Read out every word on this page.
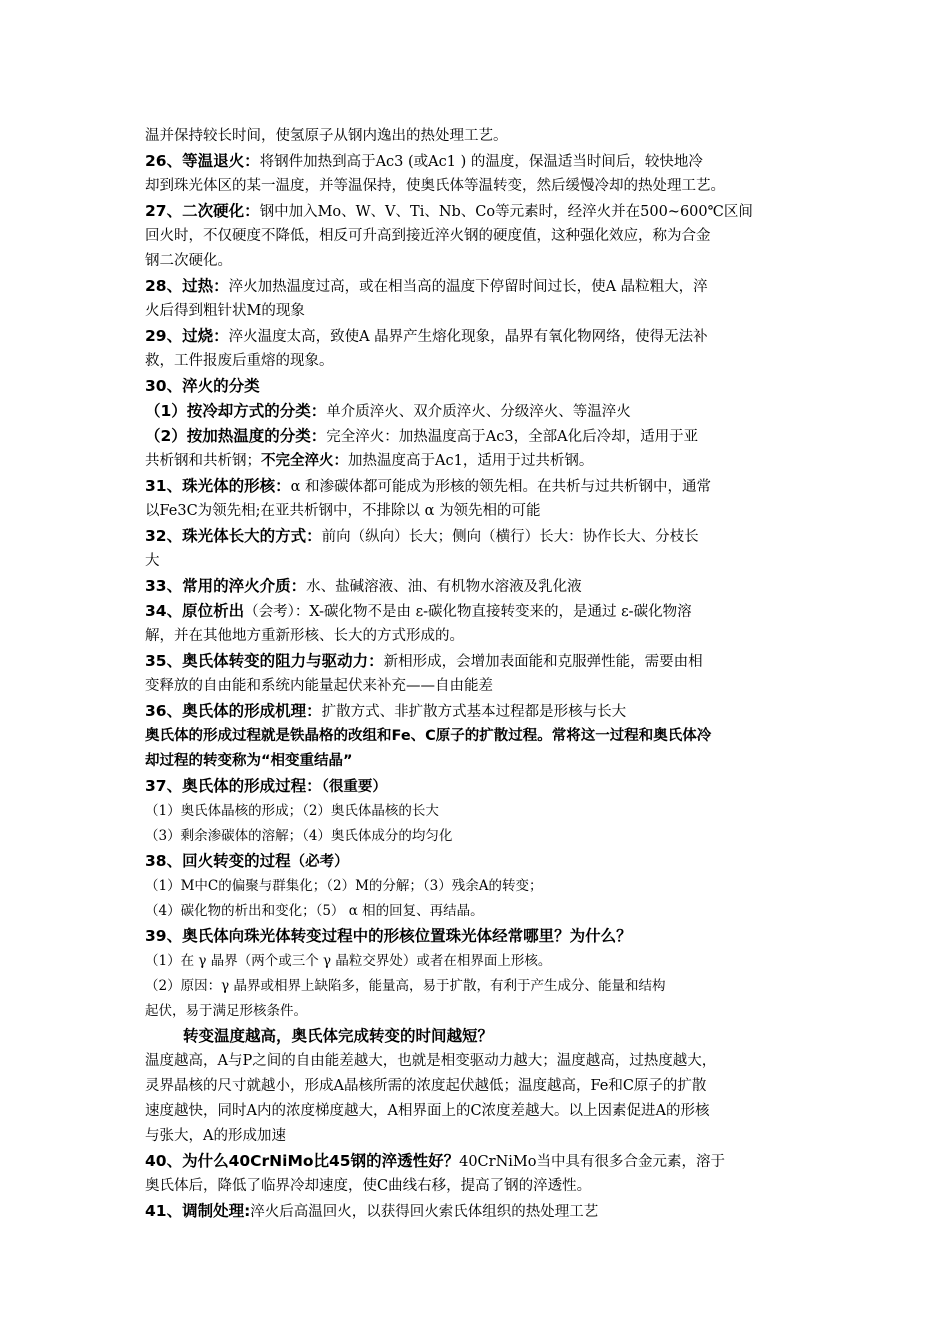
温并保持较长时间，使氢原子从钢内逸出的热处理工艺。
26、等温退火：将钢件加热到高于Ac3 (或Ac1 ) 的温度，保温适当时间后，较快地冷
却到珠光体区的某一温度，并等温保持，使奥氏体等温转变，然后缓慢冷却的热处理工艺。
27、二次硬化：钢中加入Mo、W、V、Ti、Nb、Co等元素时，经淬火并在500~600℃区间
回火时，不仅硬度不降低，相反可升高到接近淬火钢的硬度值，这种强化效应，称为合金
钢二次硬化。
28、过热：淬火加热温度过高，或在相当高的温度下停留时间过长，使A 晶粒粗大，淬
火后得到粗针状M的现象
29、过烧：淬火温度太高，致使A 晶界产生熔化现象，晶界有氧化物网络，使得无法补
救，工件报废后重熔的现象。
30、淬火的分类
（1）按冷却方式的分类：单介质淬火、双介质淬火、分级淬火、等温淬火
（2）按加热温度的分类：完全淬火：加热温度高于Ac3，全部A化后冷却，适用于亚
共析钢和共析钢；不完全淬火：加热温度高于Ac1，适用于过共析钢。
31、珠光体的形核：α 和渗碳体都可能成为形核的领先相。在共析与过共析钢中，通常
以Fe3C为领先相;在亚共析钢中，不排除以 α 为领先相的可能
32、珠光体长大的方式：前向（纵向）长大；侧向（横行）长大：协作长大、分枝长
大
33、常用的淬火介质：水、盐碱溶液、油、有机物水溶液及乳化液
34、原位析出（会考）：X-碳化物不是由 ε-碳化物直接转变来的，是通过 ε-碳化物溶
解，并在其他地方重新形核、长大的方式形成的。
35、奥氏体转变的阻力与驱动力：新相形成，会增加表面能和克服弹性能，需要由相
变释放的自由能和系统内能量起伏来补充——自由能差
36、奥氏体的形成机理：扩散方式、非扩散方式基本过程都是形核与长大
奥氏体的形成过程就是铁晶格的改组和Fe、C原子的扩散过程。常将这一过程和奥氏体冷
却过程的转变称为“相变重结晶”
37、奥氏体的形成过程：（很重要）
（1）奥氏体晶核的形成；（2）奥氏体晶核的长大
（3）剩余渗碳体的溶解；（4）奥氏体成分的均匀化
38、回火转变的过程（必考）
（1）M中C的偏聚与群集化；（2）M的分解；（3）残余A的转变；
（4）碳化物的析出和变化；（5） α 相的回复、再结晶。
39、奥氏体向珠光体转变过程中的形核位置珠光体经常哪里？为什么？
（1）在 γ 晶界（两个或三个 γ 晶粒交界处）或者在相界面上形核。
（2）原因：γ 晶界或相界上缺陷多，能量高，易于扩散，有利于产生成分、能量和结构
起伏，易于满足形核条件。
转变温度越高，奥氏体完成转变的时间越短？
温度越高，A与P之间的自由能差越大，也就是相变驱动力越大；温度越高，过热度越大，
灵界晶核的尺寸就越小，形成A晶核所需的浓度起伏越低；温度越高，Fe和C原子的扩散
速度越快，同时A内的浓度梯度越大，A相界面上的C浓度差越大。以上因素促进A的形核
与张大，A的形成加速
40、为什么40CrNiMo比45钢的淬透性好？40CrNiMo当中具有很多合金元素，溶于
奥氏体后，降低了临界冷却速度，使C曲线右移，提高了钢的淬透性。
41、调制处理:淬火后高温回火，以获得回火索氏体组织的热处理工艺
